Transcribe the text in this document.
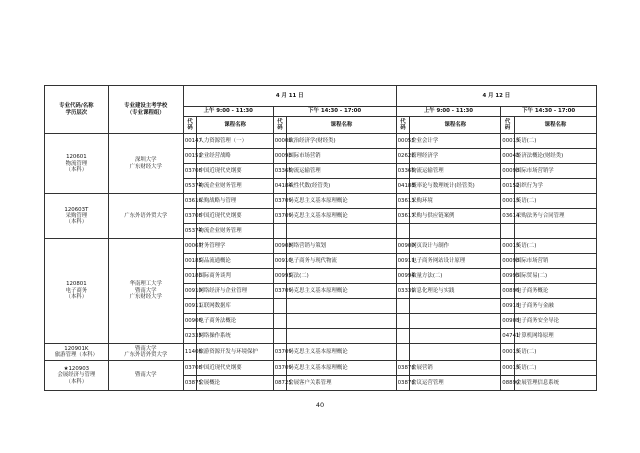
专业代码/名称
学历层次	专业建设主考学校
（专业课程组）	4 月 11 日				4 月 12 日			
		上午 9:00 - 11:30		下午 14:30 - 17:00		上午 9:00 - 11:30		下午 14:30 - 17:00	
		代码	课程名称	代码	课程名称	代码	课程名称	代码	课程名称
120601
物流管理
（本科）	深圳大学
广东财经大学	00147	人力资源管理（一）	00009	政治经济学(财经类)	00055	企业会计学	00015	英语(二)
		00151	企业经营战略	00098	国际市场营销	02628	管理经济学	00043	经济法概论(财经类)
		03708	中国近现代史纲要	03365	物流运输管理	03365	物流运输管理	00098	国际市场营销学
		05374	物流企业财务管理	04184	线性代数(经管类)	04183	概率论与数理统计(经管类)	00152	组织行为学
120603T
采购管理
（本科）	广东外语外贸大学	03616	采购战略与管理	03709	马克思主义基本原理概论	03613	采购环境	00015	英语(二)
		03708	中国近现代史纲要	03709	马克思主义基本原理概论	03617	采购与供应链案例	03614	采购法务与合同管理
		05374	物流企业财务管理						
120801
电子商务
（本科）	华南理工大学
暨南大学
广东财经大学	00067	财务管理学	00908	网络营销与策划	00900	网页设计与制作	00015	英语(二)
		00185	商品流通概论	00910	电子商务与现代物流	00911	电子商务网站设计原理	00098	国际市场营销
		00186	国际商务谈判	00995	商法(二)	00994	数量方法(二)	00995	国际贸易(二)
		00910	网络经济与企业管理	03709	马克思主义基本原理概论	03339	信息化理论与实践	00896	电子商务概论
		00911	互联网数据库					00913	电子商务与金融
		00906	电子商务法概论					00903	电子商务安全导论
		02335	网络操作系统					04741	计算机网络原理
120901K
旅游管理（本科）	暨南大学
广东外语外贸大学	11406	旅游资源开发与环境保护	03709	马克思主义基本原理概论			00015	英语(二)
★120903
会展经济与管理
（本科）	暨南大学	03708	中国近现代史纲要	03709	马克思主义基本原理概论	03878	会展营销	00015	英语(二)
		03875	会展概论	08725	会展客户关系管理	03878	会议运营管理	08890	会展管理信息系统
40
